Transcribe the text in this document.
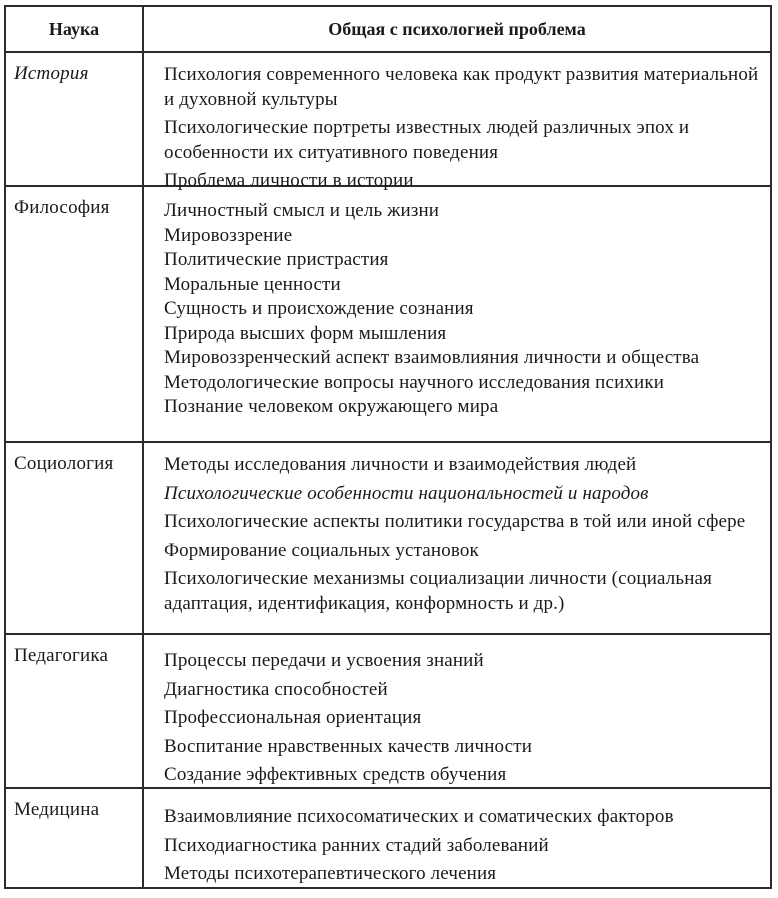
Наука	Общая с психологией проблема
История	Психология современного человека как продукт развития материальной и духовной культуры
Психологические портреты известных людей различных эпох и особенности их ситуативного поведения
Проблема личности в истории
Философия	Личностный смысл и цель жизни
Мировоззрение
Политические пристрастия
Моральные ценности
Сущность и происхождение сознания
Природа высших форм мышления
Мировоззренческий аспект взаимовлияния личности и общества
Методологические вопросы научного исследования психики
Познание человеком окружающего мира
Социология	Методы исследования личности и взаимодействия людей
Психологические особенности национальностей и народов
Психологические аспекты политики государства в той или иной сфере
Формирование социальных установок
Психологические механизмы социализации личности (социальная адаптация, идентификация, конформность и др.)
Педагогика	Процессы передачи и усвоения знаний
Диагностика способностей
Профессиональная ориентация
Воспитание нравственных качеств личности
Создание эффективных средств обучения
Медицина	Взаимовлияние психосоматических и соматических факторов
Психодиагностика ранних стадий заболеваний
Методы психотерапевтического лечения
